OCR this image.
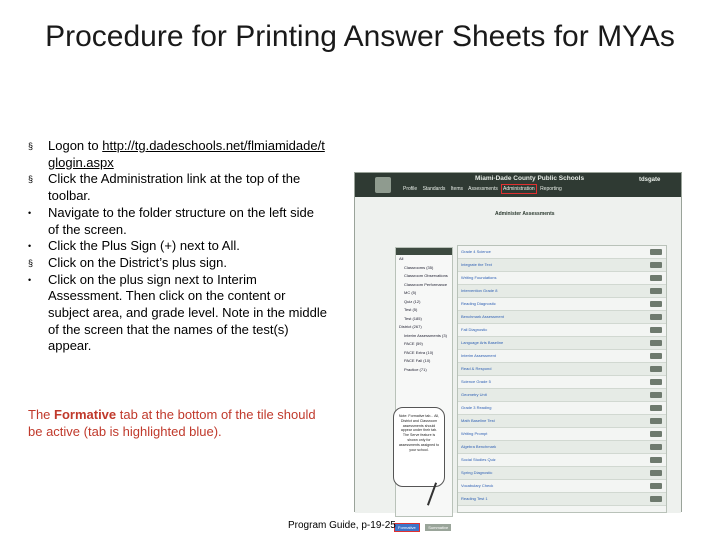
Procedure for Printing Answer Sheets for MYAs
§ Logon to http://tg.dadeschools.net/flmiamidade/tglogin.aspx
§ Click the Administration link at the top of the toolbar.
• Navigate to the folder structure on the left side of the screen.
• Click the Plus Sign (+) next to All.
§ Click on the District’s plus sign.
• Click on the plus sign next to Interim Assessment. Then click on the content or subject area, and grade level. Note in the middle of the screen that the names of the test(s) appear.
The Formative tab at the bottom of the tile should be active (tab is highlighted blue).
Miami-Dade County Public Schools
Profile Standards Items Assessments Administration Reporting
tdsgate
Administer Assessments
All
Classrooms (35)
Classroom Observations
Classroom Performance
MC (5)
Quiz (12)
Test (5)
Test (185)
District (267)
Interim Assessments (3)
PACE (59)
PACE Extra (10)
PACE Fall (10)
Practice (71)
Note: Formative tab... All, District and Classroom assessments should appear under their tab. The Serve feature is shown only for assessments assigned to your school.
Formative	Summative
Grade 4 Science
Integrate the Text
Writing Foundations
Intervention Grade 8
Reading Diagnostic
Benchmark Assessment
Fall Diagnostic
Language Arts Baseline
Interim Assessment
Read & Respond
Science Grade 5
Geometry Unit
Grade 3 Reading
Math Baseline Test
Writing Prompt
Algebra Benchmark
Social Studies Quiz
Spring Diagnostic
Vocabulary Check
Reading Test 1
Program Guide, p-19-25
